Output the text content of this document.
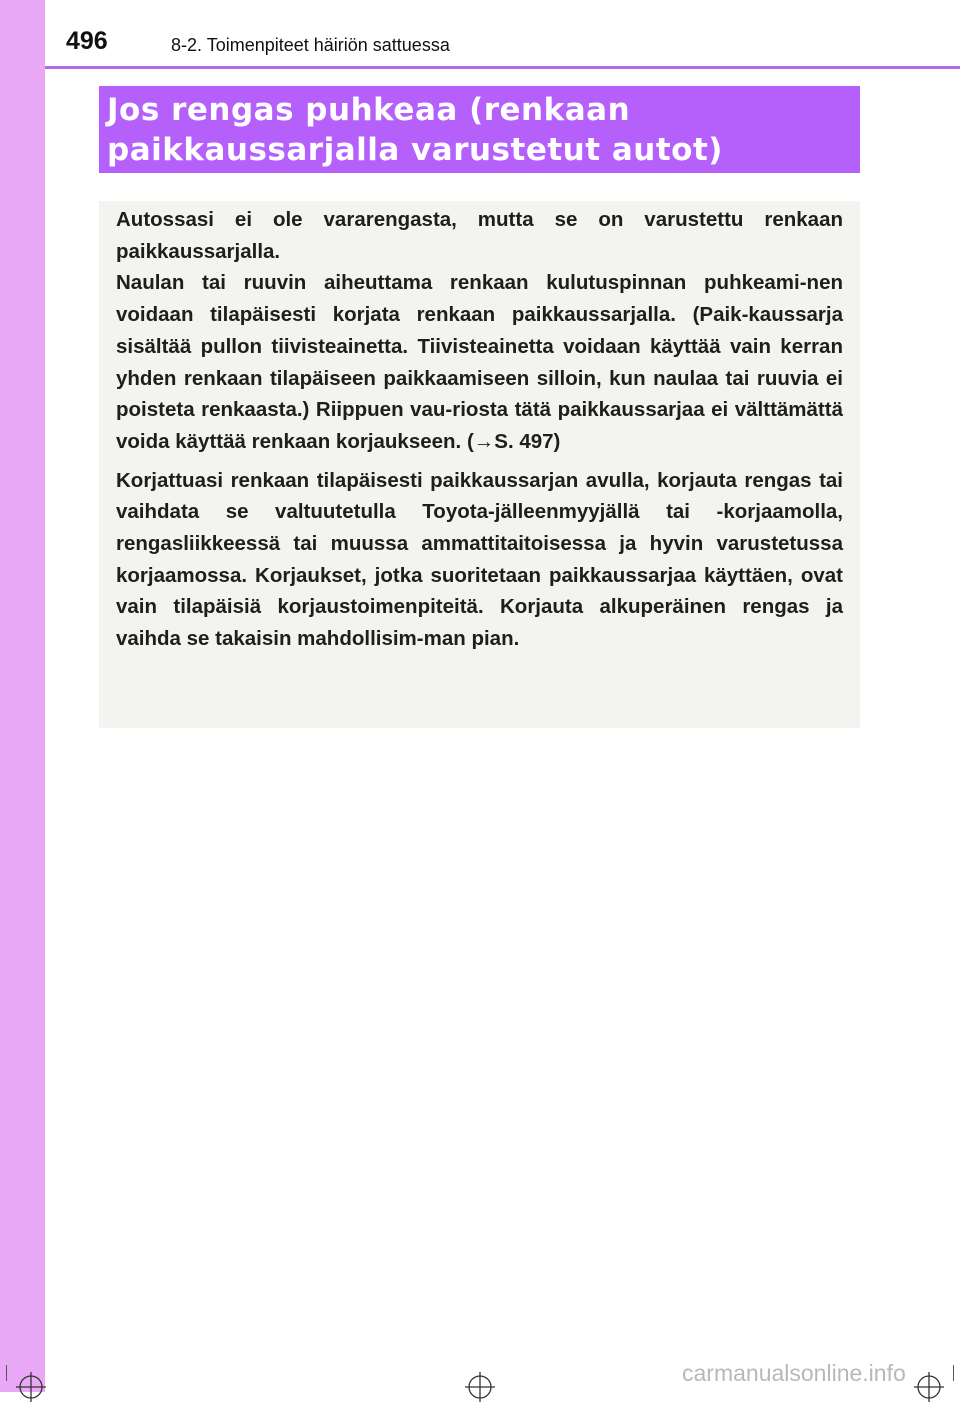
496	8-2. Toimenpiteet häiriön sattuessa
Jos rengas puhkeaa (renkaan
paikkaussarjalla varustetut autot)

Autossasi ei ole vararengasta, mutta se on varustettu renkaan paikkaussarjalla.

Naulan tai ruuvin aiheuttama renkaan kulutuspinnan puhkeami-nen voidaan tilapäisesti korjata renkaan paikkaussarjalla. (Paik-kaussarja sisältää pullon tiivisteainetta. Tiivisteainetta voidaan käyttää vain kerran yhden renkaan tilapäiseen paikkaamiseen silloin, kun naulaa tai ruuvia ei poisteta renkaasta.) Riippuen vau-riosta tätä paikkaussarjaa ei välttämättä voida käyttää renkaan korjaukseen. (→S. 497)

Korjattuasi renkaan tilapäisesti paikkaussarjan avulla, korjauta rengas tai vaihdata se valtuutetulla Toyota-jälleenmyyjällä tai -korjaamolla, rengasliikkeessä tai muussa ammattitaitoisessa ja hyvin varustetussa korjaamossa. Korjaukset, jotka suoritetaan paikkaussarjaa käyttäen, ovat vain tilapäisiä korjaustoimenpiteitä. Korjauta alkuperäinen rengas ja vaihda se takaisin mahdollisim-man pian.

carmanualsonline.info
